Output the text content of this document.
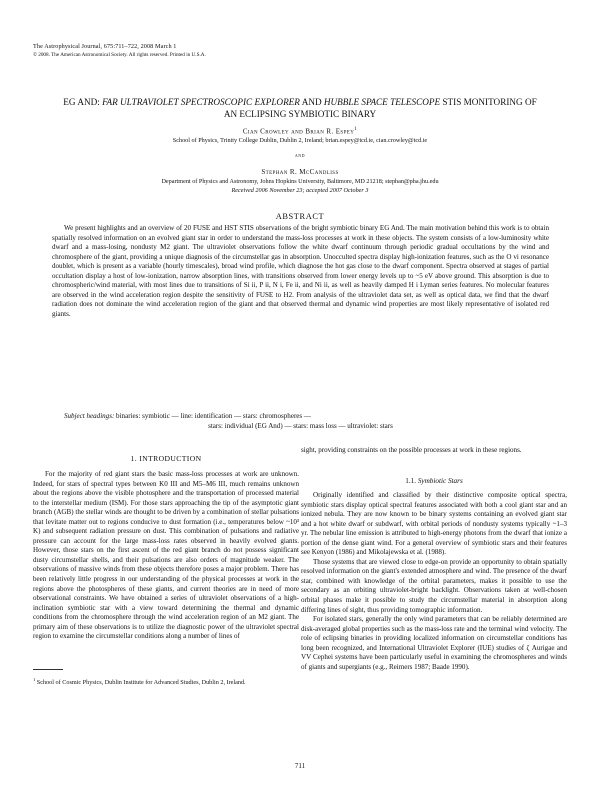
The Astrophysical Journal, 675:711–722, 2008 March 1
© 2008. The American Astronomical Society. All rights reserved. Printed in U.S.A.
EG AND: FAR ULTRAVIOLET SPECTROSCOPIC EXPLORER AND HUBBLE SPACE TELESCOPE STIS MONITORING OF AN ECLIPSING SYMBIOTIC BINARY
Cian Crowley and Brian R. Espey$^1$
School of Physics, Trinity College Dublin, Dublin 2, Ireland; brian.espey@tcd.ie, cian.crowley@tcd.ie
and
Stephan R. McCandliss
Department of Physics and Astronomy, Johns Hopkins University, Baltimore, MD 21218; stephan@pha.jhu.edu
Received 2006 November 23; accepted 2007 October 3
ABSTRACT

We present highlights and an overview of 20 FUSE and HST STIS observations of the bright symbiotic binary EG And. The main motivation behind this work is to obtain spatially resolved information on an evolved giant star in order to understand the mass-loss processes at work in these objects. The system consists of a low-luminosity white dwarf and a mass-losing, nondusty M2 giant. The ultraviolet observations follow the white dwarf continuum through periodic gradual occultations by the wind and chromosphere of the giant, providing a unique diagnosis of the circumstellar gas in absorption. Unocculted spectra display high-ionization features, such as the O vi resonance doublet, which is present as a variable (hourly timescales), broad wind profile, which diagnose the hot gas close to the dwarf component. Spectra observed at stages of partial occultation display a host of low-ionization, narrow absorption lines, with transitions observed from lower energy levels up to ~5 eV above ground. This absorption is due to chromospheric/wind material, with most lines due to transitions of Si ii, P ii, N i, Fe ii, and Ni ii, as well as heavily damped H i Lyman series features. No molecular features are observed in the wind acceleration region despite the sensitivity of FUSE to H2. From analysis of the ultraviolet data set, as well as optical data, we find that the dwarf radiation does not dominate the wind acceleration region of the giant and that observed thermal and dynamic wind properties are most likely representative of isolated red giants.

Subject headings: binaries: symbiotic — line: identification — stars: chromospheres —
stars: individual (EG And) — stars: mass loss — ultraviolet: stars
1. INTRODUCTION

For the majority of red giant stars the basic mass-loss processes at work are unknown. Indeed, for stars of spectral types between K0 III and M5–M6 III, much remains unknown about the regions above the visible photosphere and the transportation of processed material to the interstellar medium (ISM). For those stars approaching the tip of the asymptotic giant branch (AGB) the stellar winds are thought to be driven by a combination of stellar pulsations that levitate matter out to regions conducive to dust formation (i.e., temperatures below ~10³ K) and subsequent radiation pressure on dust. This combination of pulsations and radiative pressure can account for the large mass-loss rates observed in heavily evolved giants. However, those stars on the first ascent of the red giant branch do not possess significant dusty circumstellar shells, and their pulsations are also orders of magnitude weaker. The observations of massive winds from these objects therefore poses a major problem. There has been relatively little progress in our understanding of the physical processes at work in the regions above the photospheres of these giants, and current theories are in need of more observational constraints. We have obtained a series of ultraviolet observations of a high-inclination symbiotic star with a view toward determining the thermal and dynamic conditions from the chromosphere through the wind acceleration region of an M2 giant. The primary aim of these observations is to utilize the diagnostic power of the ultraviolet spectral region to examine the circumstellar conditions along a number of lines of

sight, providing constraints on the possible processes at work in these regions.

1.1. Symbiotic Stars

Originally identified and classified by their distinctive composite optical spectra, symbiotic stars display optical spectral features associated with both a cool giant star and an ionized nebula. They are now known to be binary systems containing an evolved giant star and a hot white dwarf or subdwarf, with orbital periods of nondusty systems typically ~1–3 yr. The nebular line emission is attributed to high-energy photons from the dwarf that ionize a portion of the dense giant wind. For a general overview of symbiotic stars and their features see Kenyon (1986) and Mikolajewska et al. (1988).

Those systems that are viewed close to edge-on provide an opportunity to obtain spatially resolved information on the giant's extended atmosphere and wind. The presence of the dwarf star, combined with knowledge of the orbital parameters, makes it possible to use the secondary as an orbiting ultraviolet-bright backlight. Observations taken at well-chosen orbital phases make it possible to study the circumstellar material in absorption along differing lines of sight, thus providing tomographic information.

For isolated stars, generally the only wind parameters that can be reliably determined are disk-averaged global properties such as the mass-loss rate and the terminal wind velocity. The role of eclipsing binaries in providing localized information on circumstellar conditions has long been recognized, and International Ultraviolet Explorer (IUE) studies of ζ Aurigae and VV Cephei systems have been particularly useful in examining the chromospheres and winds of giants and supergiants (e.g., Reimers 1987; Baade 1990).

$^1$ School of Cosmic Physics, Dublin Institute for Advanced Studies, Dublin 2, Ireland.
711
